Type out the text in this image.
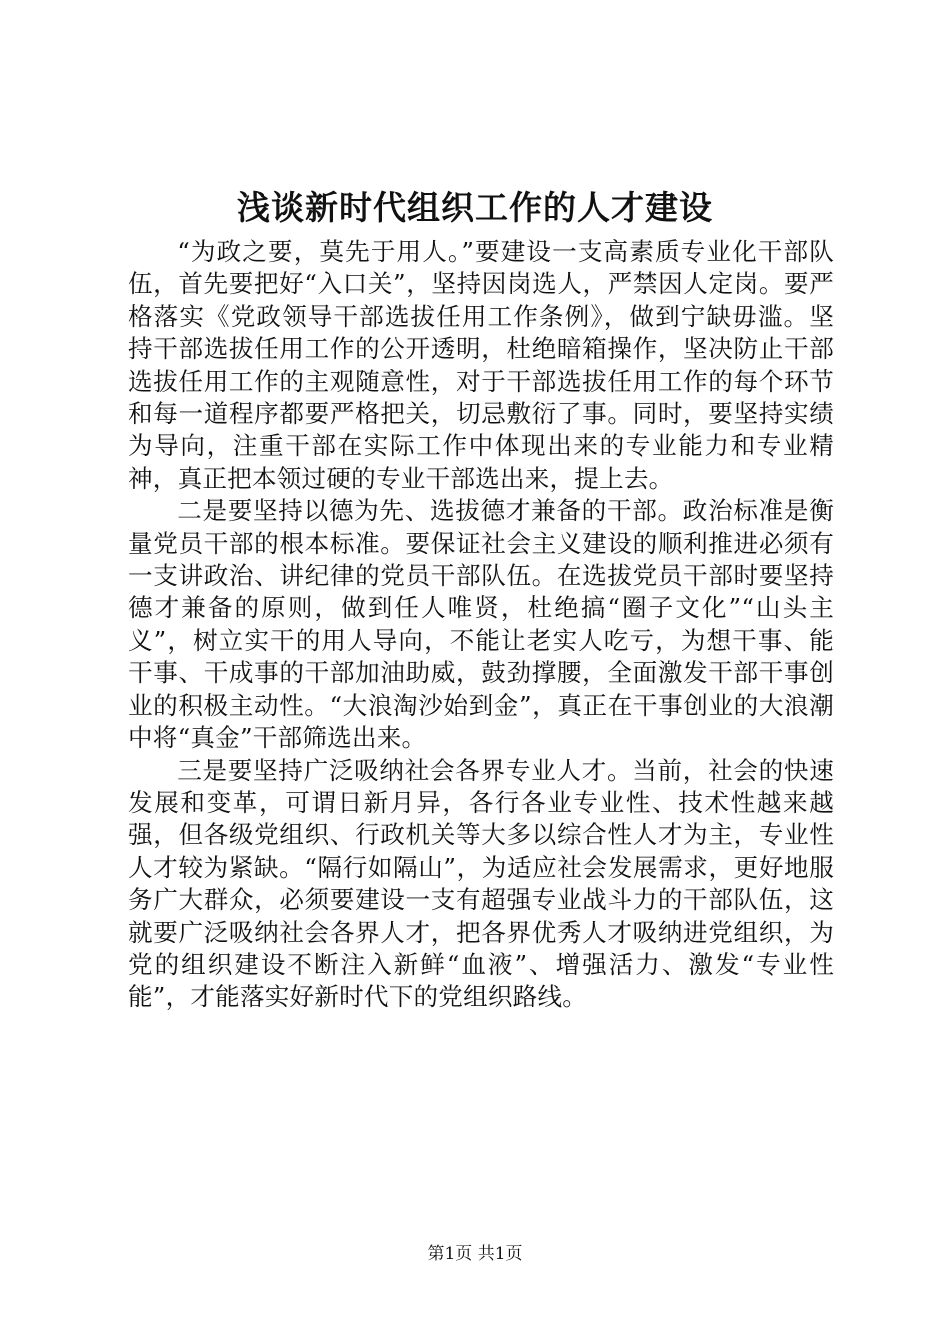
浅谈新时代组织工作的人才建设

“为政之要，莫先于用人。”要建设一支高素质专业化干部队伍，首先要把好“入口关”，坚持因岗选人，严禁因人定岗。要严格落实《党政领导干部选拔任用工作条例》，做到宁缺毋滥。坚持干部选拔任用工作的公开透明，杜绝暗箱操作，坚决防止干部选拔任用工作的主观随意性，对于干部选拔任用工作的每个环节和每一道程序都要严格把关，切忌敷衍了事。同时，要坚持实绩为导向，注重干部在实际工作中体现出来的专业能力和专业精神，真正把本领过硬的专业干部选出来，提上去。

二是要坚持以德为先、选拔德才兼备的干部。政治标准是衡量党员干部的根本标准。要保证社会主义建设的顺利推进必须有一支讲政治、讲纪律的党员干部队伍。在选拔党员干部时要坚持德才兼备的原则，做到任人唯贤，杜绝搞“圈子文化”“山头主义”，树立实干的用人导向，不能让老实人吃亏，为想干事、能干事、干成事的干部加油助威，鼓劲撑腰，全面激发干部干事创业的积极主动性。“大浪淘沙始到金”，真正在干事创业的大浪潮中将“真金”干部筛选出来。

三是要坚持广泛吸纳社会各界专业人才。当前，社会的快速发展和变革，可谓日新月异，各行各业专业性、技术性越来越强，但各级党组织、行政机关等大多以综合性人才为主，专业性人才较为紧缺。“隔行如隔山”，为适应社会发展需求，更好地服务广大群众，必须要建设一支有超强专业战斗力的干部队伍，这就要广泛吸纳社会各界人才，把各界优秀人才吸纳进党组织，为党的组织建设不断注入新鲜“血液”、增强活力、激发“专业性能”，才能落实好新时代下的党组织路线。

第1页 共1页
